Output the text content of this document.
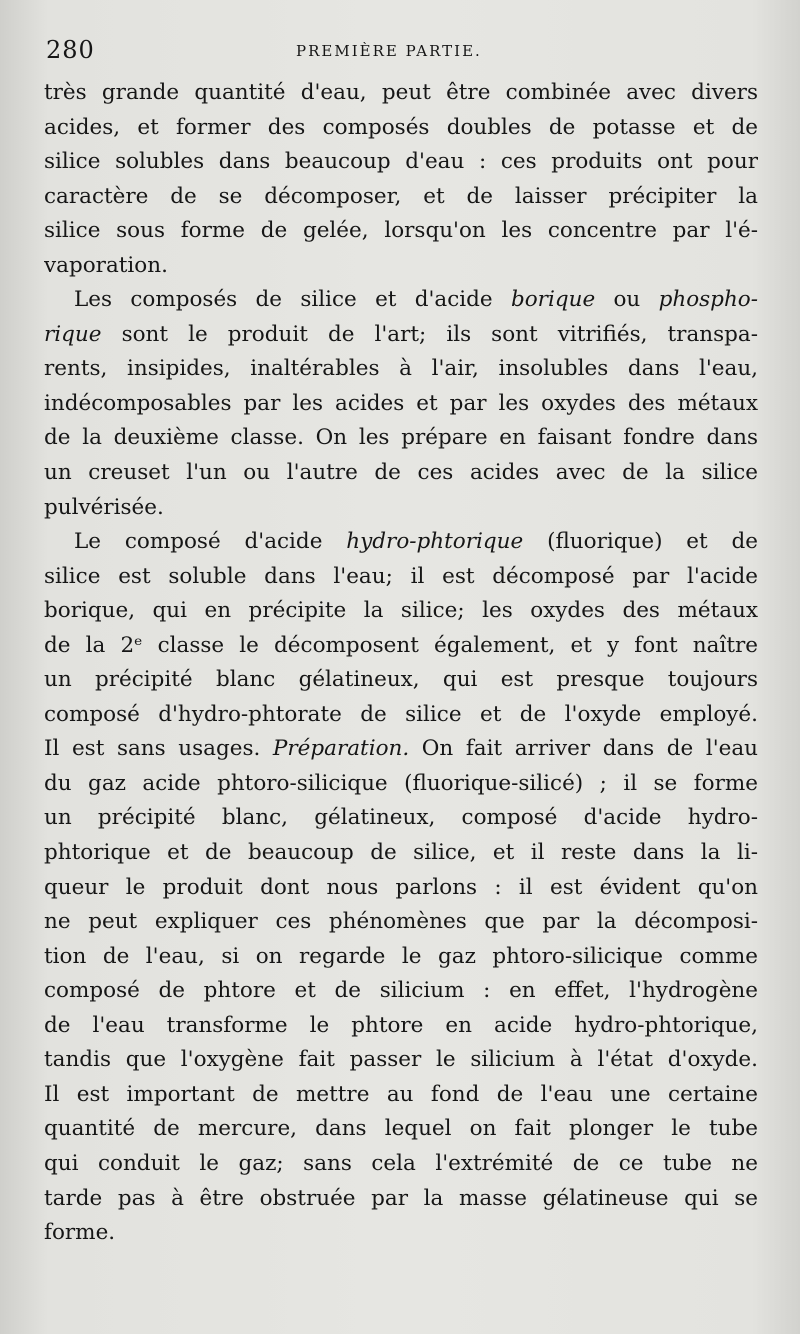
280	PREMIÈRE PARTIE.
très grande quantité d'eau, peut être combinée avec divers
acides, et former des composés doubles de potasse et de
silice solubles dans beaucoup d'eau : ces produits ont pour
caractère de se décomposer, et de laisser précipiter la
silice sous forme de gelée, lorsqu'on les concentre par l'é-
vaporation.
Les composés de silice et d'acide borique ou phospho-
rique sont le produit de l'art; ils sont vitrifiés, transpa-
rents, insipides, inaltérables à l'air, insolubles dans l'eau,
indécomposables par les acides et par les oxydes des métaux
de la deuxième classe. On les prépare en faisant fondre dans
un creuset l'un ou l'autre de ces acides avec de la silice
pulvérisée.
Le composé d'acide hydro-phtorique (fluorique) et de
silice est soluble dans l'eau; il est décomposé par l'acide
borique, qui en précipite la silice; les oxydes des métaux
de la 2ᵉ classe le décomposent également, et y font naître
un précipité blanc gélatineux, qui est presque toujours
composé d'hydro-phtorate de silice et de l'oxyde employé.
Il est sans usages. Préparation. On fait arriver dans de l'eau
du gaz acide phtoro-silicique (fluorique-silicé) ; il se forme
un précipité blanc, gélatineux, composé d'acide hydro-
phtorique et de beaucoup de silice, et il reste dans la li-
queur le produit dont nous parlons : il est évident qu'on
ne peut expliquer ces phénomènes que par la décomposi-
tion de l'eau, si on regarde le gaz phtoro-silicique comme
composé de phtore et de silicium : en effet, l'hydrogène
de l'eau transforme le phtore en acide hydro-phtorique,
tandis que l'oxygène fait passer le silicium à l'état d'oxyde.
Il est important de mettre au fond de l'eau une certaine
quantité de mercure, dans lequel on fait plonger le tube
qui conduit le gaz; sans cela l'extrémité de ce tube ne
tarde pas à être obstruée par la masse gélatineuse qui se
forme.
